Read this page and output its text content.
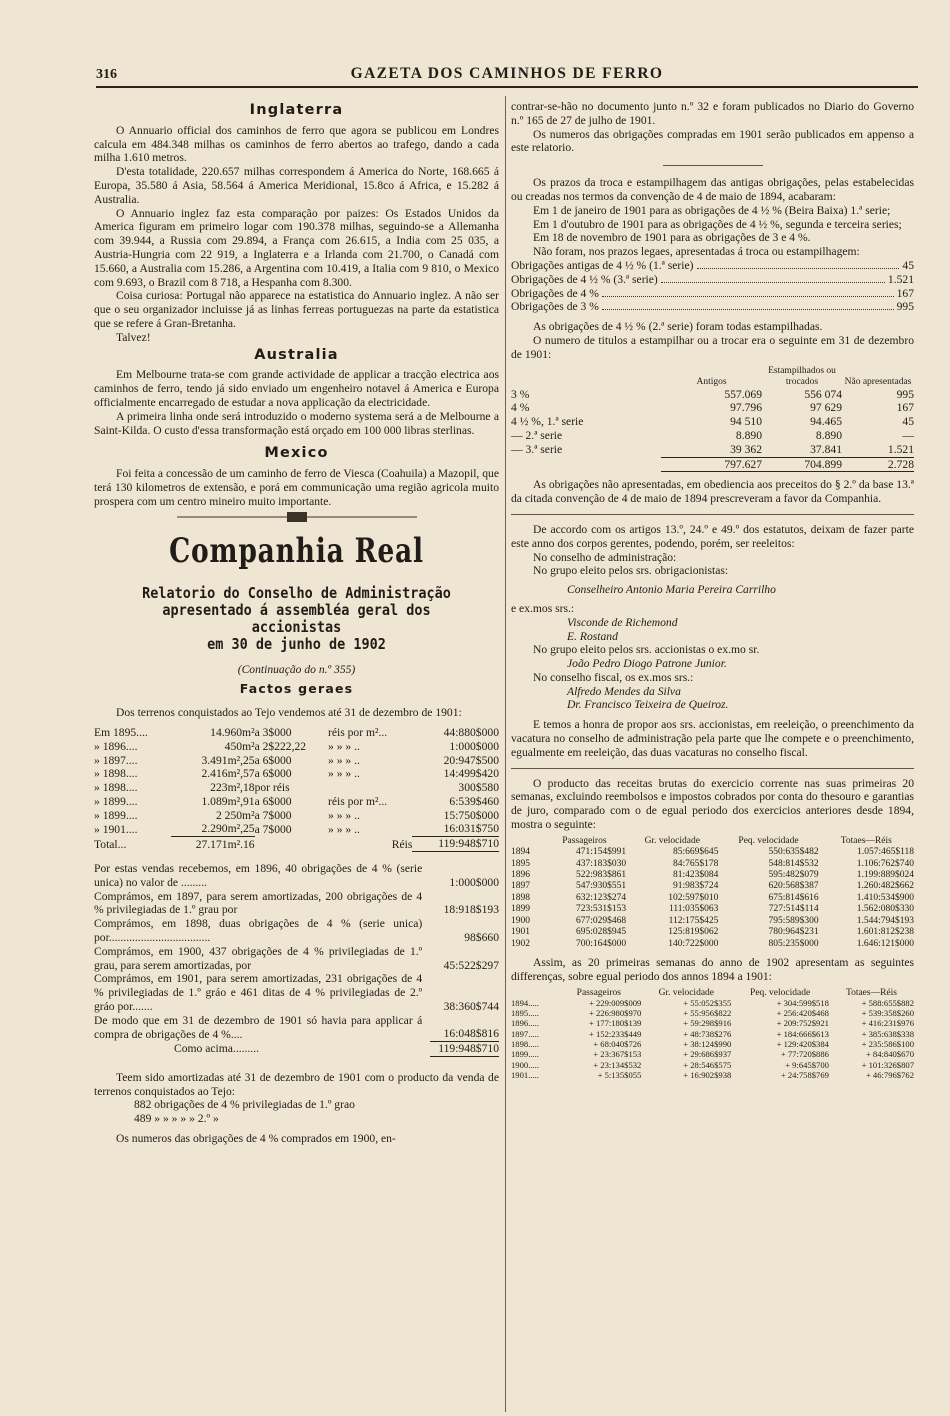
316	GAZETA DOS CAMINHOS DE FERRO
Inglaterra

O Annuario official dos caminhos de ferro que agora se publicou em Londres calcula em 484.348 milhas os caminhos de ferro abertos ao trafego, dando a cada milha 1.610 metros.

D'esta totalidade, 220.657 milhas correspondem á America do Norte, 168.665 á Europa, 35.580 á Asia, 58.564 á America Meridional, 15.8co á Africa, e 15.282 á Australia.

O Annuario inglez faz esta comparação por paizes: Os Estados Unidos da America figuram em primeiro logar com 190.378 milhas, seguindo-se a Allemanha com 39.944, a Russia com 29.894, a França com 26.615, a India com 25 035, a Austria-Hungria com 22 919, a Inglaterra e a Irlanda com 21.700, o Canadá com 15.660, a Australia com 15.286, a Argentina com 10.419, a Italia com 9 810, o Mexico com 9.693, o Brazil com 8 718, a Hespanha com 8.300.

Coisa curiosa: Portugal não apparece na estatistica do Annuario inglez. A não ser que o seu organizador incluisse já as linhas ferreas portuguezas na parte da estatistica que se refere á Gran-Bretanha.

Talvez!

Australia

Em Melbourne trata-se com grande actividade de applicar a tracção electrica aos caminhos de ferro, tendo já sido enviado um engenheiro notavel á America e Europa officialmente encarregado de estudar a nova applicação da electricidade.

A primeira linha onde será introduzido o moderno systema será a de Melbourne a Saint-Kilda. O custo d'essa transformação está orçado em 100 000 libras sterlinas.

Mexico

Foi feita a concessão de um caminho de ferro de Viesca (Coahuila) a Mazopil, que terá 130 kilometros de extensão, e porá em communicação uma região agricola muito prospera com um centro mineiro muito importante.

Companhia Real
Relatorio do Conselho de Administração
apresentado á assembléa geral dos accionistas
em 30 de junho de 1902
(Continuação do n.º 355)
Factos geraes

Dos terrenos conquistados ao Tejo vendemos até 31 de dezembro de 1901:

Em 1895....	14.960m²	a 3$000	réis por m²...	44:880$000
» 1896....	450m²	a 2$222,22	» » » ..	1:000$000
» 1897....	3.491m²,25	a 6$000	» » » ..	20:947$500
» 1898....	2.416m²,57	a 6$000	» » » ..	14:499$420
» 1898....	223m²,18	por réis		300$580
» 1899....	1.089m²,91	a 6$000	réis por m²...	6:539$460
» 1899....	2 250m²	a 7$000	» » » ..	15:750$000
» 1901....	2.290m²,25	a 7$000	» » » ..	16:031$750
Total...	27.171m².16		Réis	119:948$710
Por estas vendas recebemos, em 1896, 40 obrigações de 4 % (serie unica) no valor de .........	1:000$000
Comprámos, em 1897, para serem amortizadas, 200 obrigações de 4 % privilegiadas de 1.º grau por	18:918$193
Comprámos, em 1898, duas obrigações de 4 % (serie unica) por...................................	98$660
Comprámos, em 1900, 437 obrigações de 4 % privilegiadas de 1.º grau, para serem amortizadas, por	45:522$297
Comprámos, em 1901, para serem amortizadas, 231 obrigações de 4 % privilegiadas de 1.º gráo e 461 ditas de 4 % privilegiadas de 2.º gráo por.......	38:360$744
De modo que em 31 de dezembro de 1901 só havia para applicar á compra de obrigações de 4 %....	16:048$816
Como acima.........	119:948$710

Teem sido amortizadas até 31 de dezembro de 1901 com o producto da venda de terrenos conquistados ao Tejo:

882 obrigações de 4 % privilegiadas de 1.º grao

489 » » » » » 2.º »

Os numeros das obrigações de 4 % comprados em 1900, en-

contrar-se-hão no documento junto n.º 32 e foram publicados no Diario do Governo n.º 165 de 27 de julho de 1901.

Os numeros das obrigações compradas em 1901 serão publicados em appenso a este relatorio.

Os prazos da troca e estampilhagem das antigas obrigações, pelas estabelecidas ou creadas nos termos da convenção de 4 de maio de 1894, acabaram:

Em 1 de janeiro de 1901 para as obrigações de 4 ½ % (Beira Baixa) 1.ª serie;

Em 1 d'outubro de 1901 para as obrigações de 4 ½ %, segunda e terceira series;

Em 18 de novembro de 1901 para as obrigações de 3 e 4 %.

Não foram, nos prazos legaes, apresentadas á troca ou estampilhagem:

Obrigações antigas de 4 ½ % (1.ª serie)	45
Obrigações de 4 ½ % (3.ª serie)	1.521
Obrigações de 4 %	167
Obrigações de 3 %	995

As obrigações de 4 ½ % (2.ª serie) foram todas estampilhadas.

O numero de titulos a estampilhar ou a trocar era o seguinte em 31 de dezembro de 1901:

	Antigos	Estampilhados ou trocados	Não apresentadas
3 %	557.069	556 074	995
4 %	97.796	97 629	167
4 ½ %, 1.ª serie	94 510	94.465	45
— 2.ª serie	8.890	8.890	—
— 3.ª serie	39 362	37.841	1.521
	797.627	704.899	2.728

As obrigações não apresentadas, em obediencia aos preceitos do § 2.º da base 13.ª da citada convenção de 4 de maio de 1894 prescreveram a favor da Companhia.

De accordo com os artigos 13.º, 24.º e 49.º dos estatutos, deixam de fazer parte este anno dos corpos gerentes, podendo, porém, ser reeleitos:

No conselho de administração:

No grupo eleito pelos srs. obrigacionistas:

Conselheiro Antonio Maria Pereira Carrilho

e ex.mos srs.:

Visconde de Richemond

E. Rostand

No grupo eleito pelos srs. accionistas o ex.mo sr.

João Pedro Diogo Patrone Junior.

No conselho fiscal, os ex.mos srs.:

Alfredo Mendes da Silva

Dr. Francisco Teixeira de Queiroz.

E temos a honra de propor aos srs. accionistas, em reeleição, o preenchimento da vacatura no conselho de administração pela parte que lhe compete e o preenchimento, egualmente em reeleição, das duas vacaturas no conselho fiscal.

O producto das receitas brutas do exercicio corrente nas suas primeiras 20 semanas, excluindo reembolsos e impostos cobrados por conta do thesouro e garantias de juro, comparado com o de egual periodo dos exercicios anteriores desde 1894, mostra o seguinte:

	Passageiros	Gr. velocidade	Peq. velocidade	Totaes—Réis
1894	471:154$991	85:669$645	550:635$482	1.057:465$118
1895	437:183$030	84:765$178	548:814$532	1.106:762$740
1896	522:983$861	81:423$084	595:482$079	1.199:889$024
1897	547:930$551	91:983$724	620:568$387	1.260:482$662
1898	632:123$274	102:597$010	675:814$616	1.410:534$900
1899	723:531$153	111:035$063	727:514$114	1.562:080$330
1900	677:029$468	112:175$425	795:589$300	1.544:794$193
1901	695:028$945	125:819$062	780:964$231	1.601:812$238
1902	700:164$000	140:722$000	805:235$000	1.646:121$000

Assim, as 20 primeiras semanas do anno de 1902 apresentam as seguintes differenças, sobre egual periodo dos annos 1894 a 1901:

	Passageiros	Gr. velocidade	Peq. velocidade	Totaes—Réis
1894.....	+ 229:009$009	+ 55:052$355	+ 304:599$518	+ 588:655$882
1895.....	+ 226:980$970	+ 55:956$822	+ 256:420$468	+ 539:358$260
1896.....	+ 177:180$139	+ 59:298$916	+ 209:752$921	+ 416:231$976
1897.....	+ 152:233$449	+ 48:738$276	+ 184:666$613	+ 385:638$338
1898.....	+ 68:040$726	+ 38:124$990	+ 129:420$384	+ 235:586$100
1899.....	+ 23:367$153	+ 29:686$937	+ 77:720$886	+ 84:840$670
1900.....	+ 23:134$532	+ 28:546$575	+ 9:645$700	+ 101:326$807
1901.....	+ 5:135$055	+ 16:902$938	+ 24:758$769	+ 46:796$762
